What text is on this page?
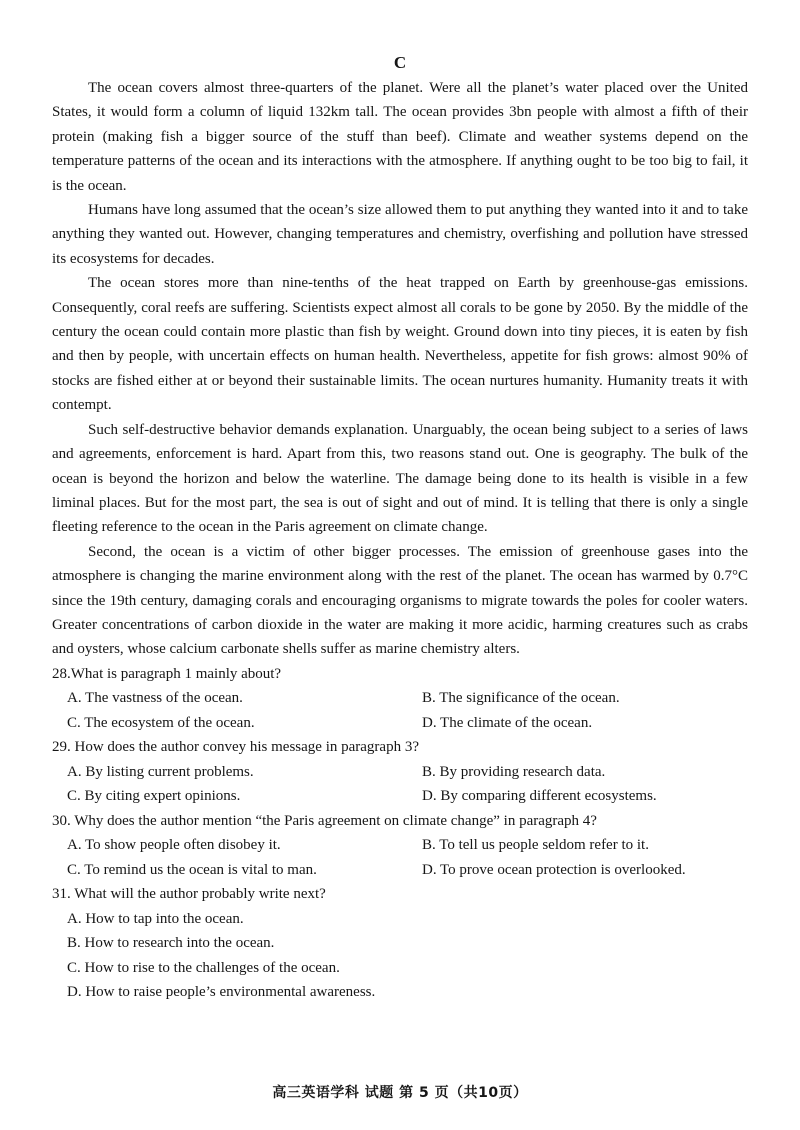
C

The ocean covers almost three-quarters of the planet. Were all the planet’s water placed over the United States, it would form a column of liquid 132km tall. The ocean provides 3bn people with almost a fifth of their protein (making fish a bigger source of the stuff than beef). Climate and weather systems depend on the temperature patterns of the ocean and its interactions with the atmosphere. If anything ought to be too big to fail, it is the ocean.

Humans have long assumed that the ocean’s size allowed them to put anything they wanted into it and to take anything they wanted out. However, changing temperatures and chemistry, overfishing and pollution have stressed its ecosystems for decades.

The ocean stores more than nine-tenths of the heat trapped on Earth by greenhouse-gas emissions. Consequently, coral reefs are suffering. Scientists expect almost all corals to be gone by 2050. By the middle of the century the ocean could contain more plastic than fish by weight. Ground down into tiny pieces, it is eaten by fish and then by people, with uncertain effects on human health. Nevertheless, appetite for fish grows: almost 90% of stocks are fished either at or beyond their sustainable limits. The ocean nurtures humanity. Humanity treats it with contempt.

Such self-destructive behavior demands explanation. Unarguably, the ocean being subject to a series of laws and agreements, enforcement is hard. Apart from this, two reasons stand out. One is geography. The bulk of the ocean is beyond the horizon and below the waterline. The damage being done to its health is visible in a few liminal places. But for the most part, the sea is out of sight and out of mind. It is telling that there is only a single fleeting reference to the ocean in the Paris agreement on climate change.

Second, the ocean is a victim of other bigger processes. The emission of greenhouse gases into the atmosphere is changing the marine environment along with the rest of the planet. The ocean has warmed by 0.7°C since the 19th century, damaging corals and encouraging organisms to migrate towards the poles for cooler waters. Greater concentrations of carbon dioxide in the water are making it more acidic, harming creatures such as crabs and oysters, whose calcium carbonate shells suffer as marine chemistry alters.

28.What is paragraph 1 mainly about?

A. The vastness of the ocean.	B. The significance of the ocean.

C. The ecosystem of the ocean.	D. The climate of the ocean.

29. How does the author convey his message in paragraph 3?

A. By listing current problems.	B. By providing research data.

C. By citing expert opinions.	D. By comparing different ecosystems.

30. Why does the author mention “the Paris agreement on climate change” in paragraph 4?

A. To show people often disobey it.	B. To tell us people seldom refer to it.

C. To remind us the ocean is vital to man.	D. To prove ocean protection is overlooked.

31. What will the author probably write next?

A. How to tap into the ocean.

B. How to research into the ocean.

C. How to rise to the challenges of the ocean.

D. How to raise people’s environmental awareness.

高三英语学科 试题 第 5 页（共10页）
